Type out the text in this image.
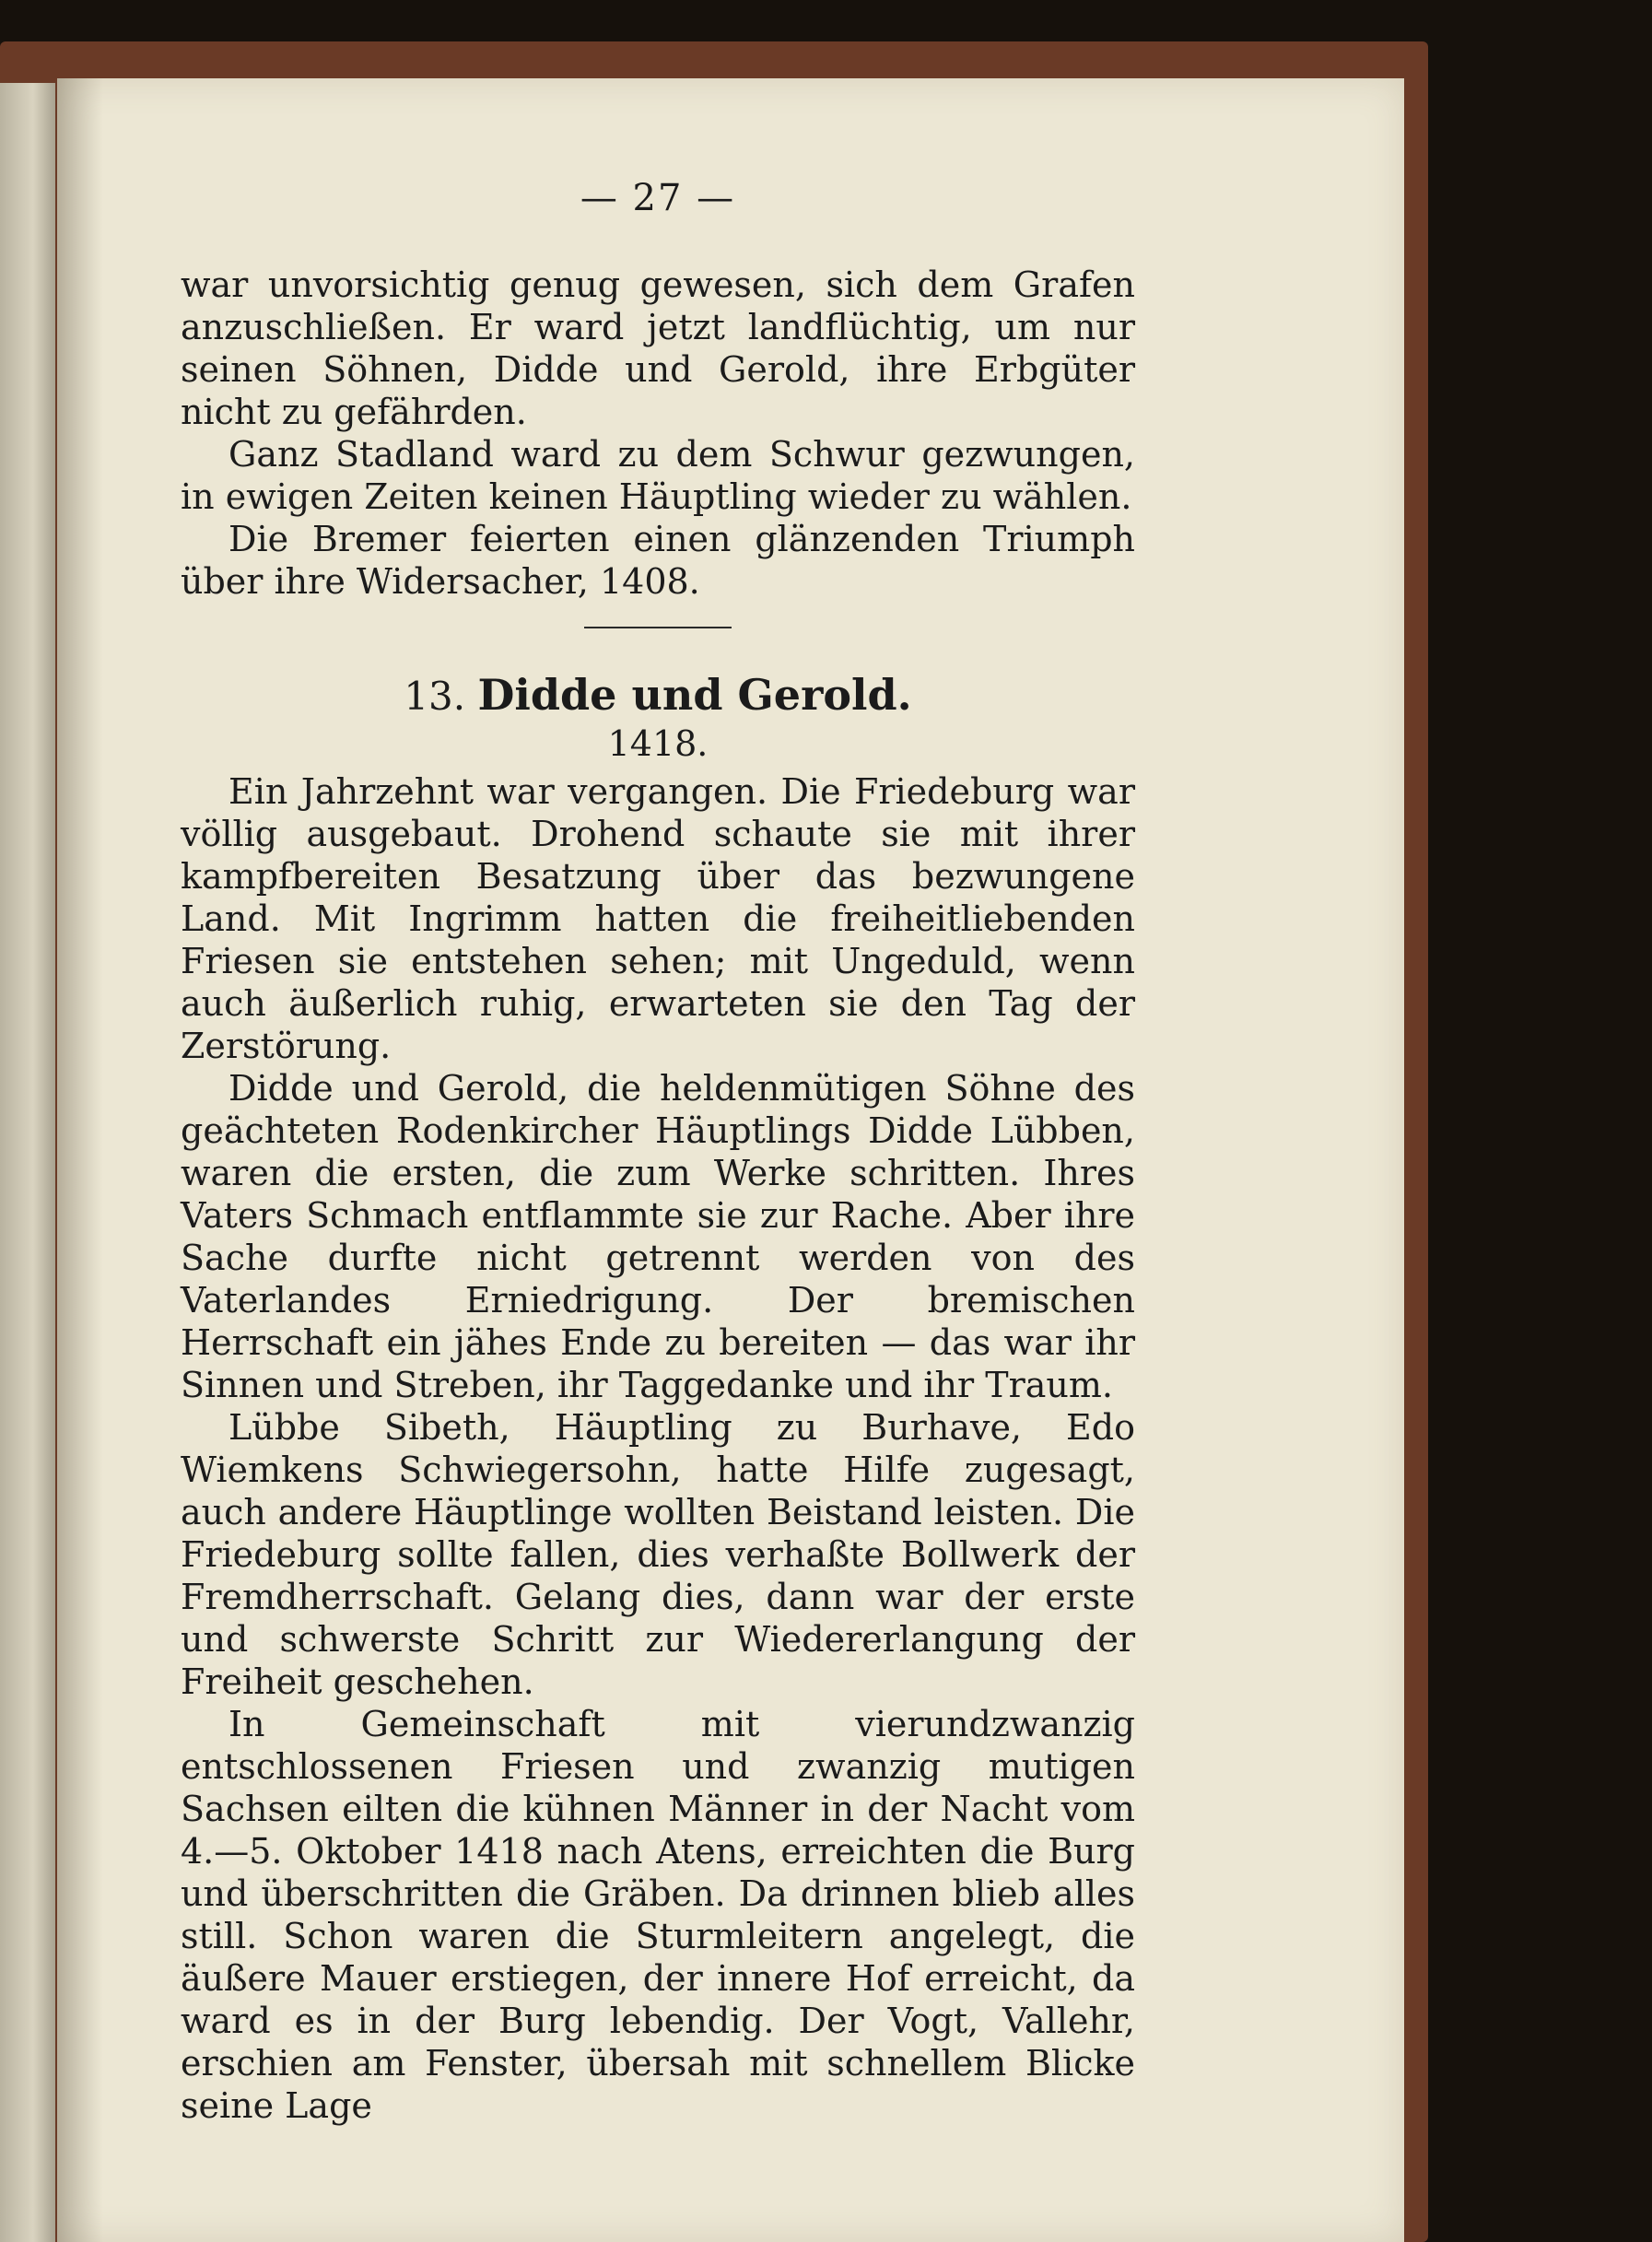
— 27 —

war unvorsichtig genug gewesen, sich dem Grafen anzuschließen. Er ward jetzt landflüchtig, um nur seinen Söhnen, Didde und Gerold, ihre Erbgüter nicht zu gefährden.

Ganz Stadland ward zu dem Schwur gezwungen, in ewigen Zeiten keinen Häuptling wieder zu wählen.

Die Bremer feierten einen glänzenden Triumph über ihre Widersacher, 1408.

13. Didde und Gerold.
1418.

Ein Jahrzehnt war vergangen. Die Friedeburg war völlig ausgebaut. Drohend schaute sie mit ihrer kampfbereiten Besatzung über das bezwungene Land. Mit Ingrimm hatten die freiheitliebenden Friesen sie entstehen sehen; mit Ungeduld, wenn auch äußerlich ruhig, erwarteten sie den Tag der Zerstörung.

Didde und Gerold, die heldenmütigen Söhne des geächteten Rodenkircher Häuptlings Didde Lübben, waren die ersten, die zum Werke schritten. Ihres Vaters Schmach entflammte sie zur Rache. Aber ihre Sache durfte nicht getrennt werden von des Vaterlandes Erniedrigung. Der bremischen Herrschaft ein jähes Ende zu bereiten — das war ihr Sinnen und Streben, ihr Taggedanke und ihr Traum.

Lübbe Sibeth, Häuptling zu Burhave, Edo Wiemkens Schwiegersohn, hatte Hilfe zugesagt, auch andere Häuptlinge wollten Beistand leisten. Die Friedeburg sollte fallen, dies verhaßte Bollwerk der Fremdherrschaft. Gelang dies, dann war der erste und schwerste Schritt zur Wiedererlangung der Freiheit geschehen.

In Gemeinschaft mit vierundzwanzig entschlossenen Friesen und zwanzig mutigen Sachsen eilten die kühnen Männer in der Nacht vom 4.—5. Oktober 1418 nach Atens, erreichten die Burg und überschritten die Gräben. Da drinnen blieb alles still. Schon waren die Sturmleitern angelegt, die äußere Mauer erstiegen, der innere Hof erreicht, da ward es in der Burg lebendig. Der Vogt, Vallehr, erschien am Fenster, übersah mit schnellem Blicke seine Lage
